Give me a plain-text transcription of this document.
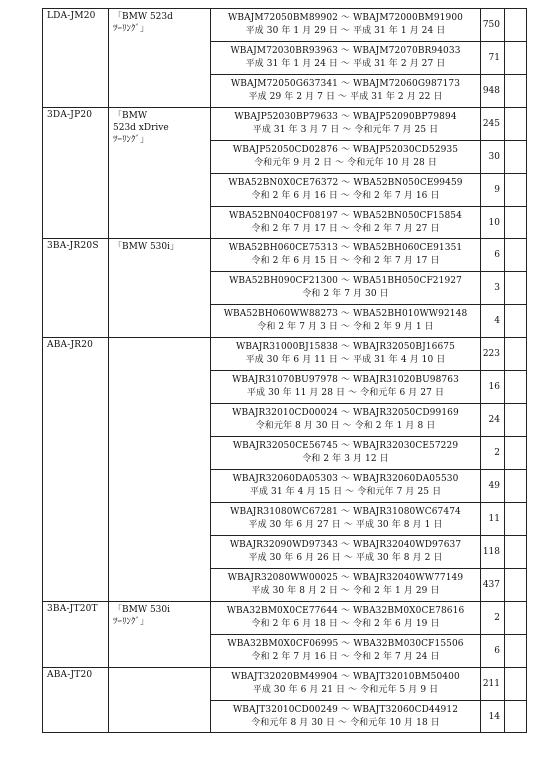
LDA-JM20	「BMW 523d
ﾂｰﾘﾝｸﾞ」	WBAJM72050BM89902 ～ WBAJM72000BM91900
平成 30 年 1 月 29 日 ～ 平成 31 年 1 月 24 日	750	

		WBAJM72030BR93963 ～ WBAJM72070BR94033
平成 31 年 1 月 24 日 ～ 平成 31 年 2 月 27 日	71	

		WBAJM72050G637341 ～ WBAJM72060G987173
平成 29 年 2 月 7 日 ～ 平成 31 年 2 月 22 日	948	
3DA-JP20	「BMW
523d xDrive
ﾂｰﾘﾝｸﾞ」	WBAJP52030BP79633 ～ WBAJP52090BP79894
平成 31 年 3 月 7 日 ～ 令和元年 7 月 25 日	245	

		WBAJP52050CD02876 ～ WBAJP52030CD52935
令和元年 9 月 2 日 ～ 令和元年 10 月 28 日	30	

		WBA52BN0X0CE76372 ～ WBA52BN050CE99459
令和 2 年 6 月 16 日 ～ 令和 2 年 7 月 16 日	9	

		WBA52BN040CF08197 ～ WBA52BN050CF15854
令和 2 年 7 月 17 日 ～ 令和 2 年 7 月 27 日	10	
3BA-JR20S	「BMW 530i」	WBA52BH060CE75313 ～ WBA52BH060CE91351
令和 2 年 6 月 15 日 ～ 令和 2 年 7 月 17 日	6	

		WBA52BH090CF21300 ～ WBA51BH050CF21927
令和 2 年 7 月 30 日	3	

		WBA52BH060WW88273 ～ WBA52BH010WW92148
令和 2 年 7 月 3 日 ～ 令和 2 年 9 月 1 日	4	
ABA-JR20		WBAJR31000BJ15838 ～ WBAJR32050BJ16675
平成 30 年 6 月 11 日 ～ 平成 31 年 4 月 10 日	223	

		WBAJR31070BU97978 ～ WBAJR31020BU98763
平成 30 年 11 月 28 日 ～ 令和元年 6 月 27 日	16	

		WBAJR32010CD00024 ～ WBAJR32050CD99169
令和元年 8 月 30 日 ～ 令和 2 年 1 月 8 日	24	

		WBAJR32050CE56745 ～ WBAJR32030CE57229
令和 2 年 3 月 12 日	2	

		WBAJR32060DA05303 ～ WBAJR32060DA05530
平成 31 年 4 月 15 日 ～ 令和元年 7 月 25 日	49	

		WBAJR31080WC67281 ～ WBAJR31080WC67474
平成 30 年 6 月 27 日 ～ 平成 30 年 8 月 1 日	11	

		WBAJR32090WD97343 ～ WBAJR32040WD97637
平成 30 年 6 月 26 日 ～ 平成 30 年 8 月 2 日	118	

		WBAJR32080WW00025 ～ WBAJR32040WW77149
平成 30 年 8 月 2 日 ～ 令和 2 年 1 月 29 日	437	
3BA-JT20T	「BMW 530i
ﾂｰﾘﾝｸﾞ」	WBA32BM0X0CE77644 ～ WBA32BM0X0CE78616
令和 2 年 6 月 18 日 ～ 令和 2 年 6 月 19 日	2	

		WBA32BM0X0CF06995 ～ WBA32BM030CF15506
令和 2 年 7 月 16 日 ～ 令和 2 年 7 月 24 日	6	
ABA-JT20		WBAJT32020BM49904 ～ WBAJT32010BM50400
平成 30 年 6 月 21 日 ～ 令和元年 5 月 9 日	211	

		WBAJT32010CD00249 ～ WBAJT32060CD44912
令和元年 8 月 30 日 ～ 令和元年 10 月 18 日	14	
